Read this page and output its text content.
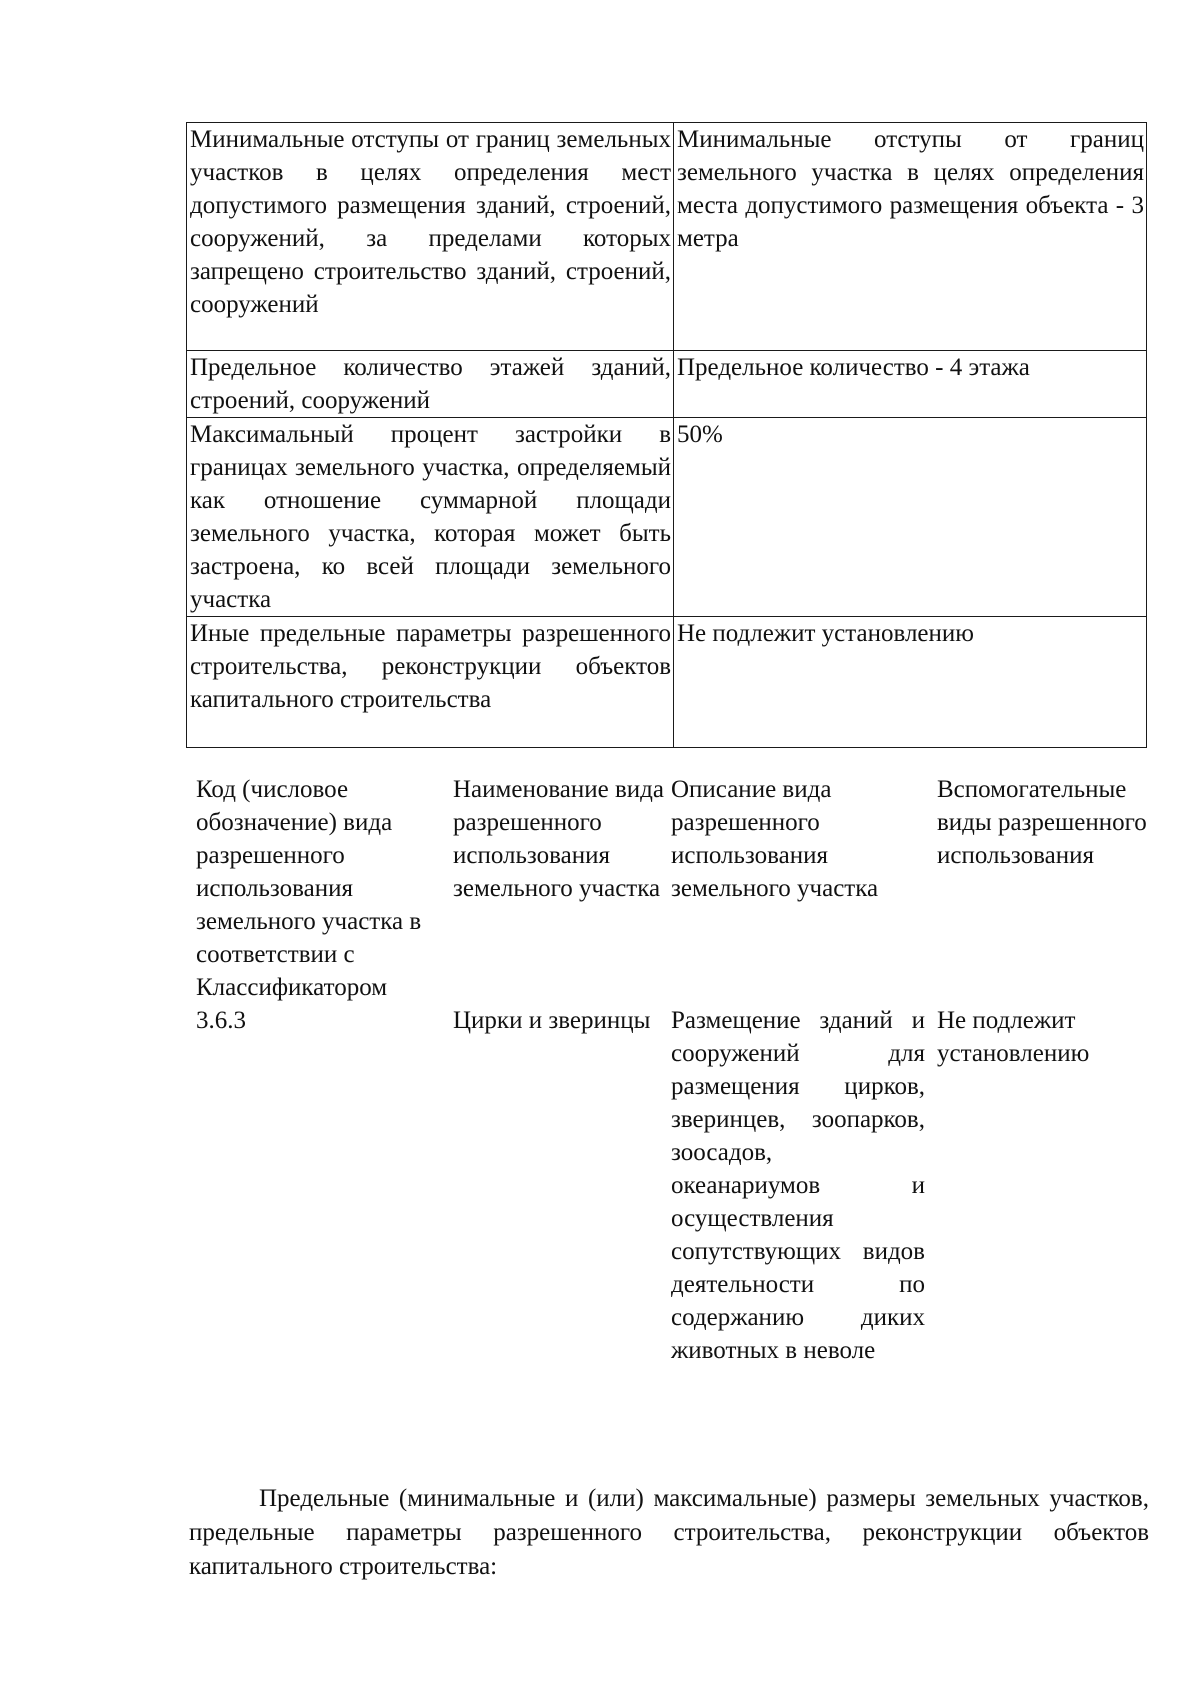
Минимальные отступы от границ земельных участков в целях определения мест допустимого размещения зданий, строений, сооружений, за пределами которых запрещено строительство зданий, строений, сооружений	Минимальные отступы от границ земельного участка в целях определения места допустимого размещения объекта - 3 метра
Предельное количество этажей зданий, строений, сооружений	Предельное количество - 4 этажа
Максимальный процент застройки в границах земельного участка, определяемый как отношение суммарной площади земельного участка, которая может быть застроена, ко всей площади земельного участка	50%
Иные предельные параметры разрешенного строительства, реконструкции объектов капитального строительства	Не подлежит установлению
Код (числовое обозначение) вида разрешенного использования земельного участка в соответствии с Классификатором	Наименование вида разрешенного использования земельного участка	Описание вида разрешенного использования земельного участка	Вспомогательные виды разрешенного использования
3.6.3	Цирки и зверинцы	Размещение зданий и сооружений для размещения цирков, зверинцев, зоопарков, зоосадов, океанариумов и осуществления сопутствующих видов деятельности по содержанию диких животных в неволе	Не подлежит установлению

Предельные (минимальные и (или) максимальные) размеры земельных участков, предельные параметры разрешенного строительства, реконструкции объектов капитального строительства:
